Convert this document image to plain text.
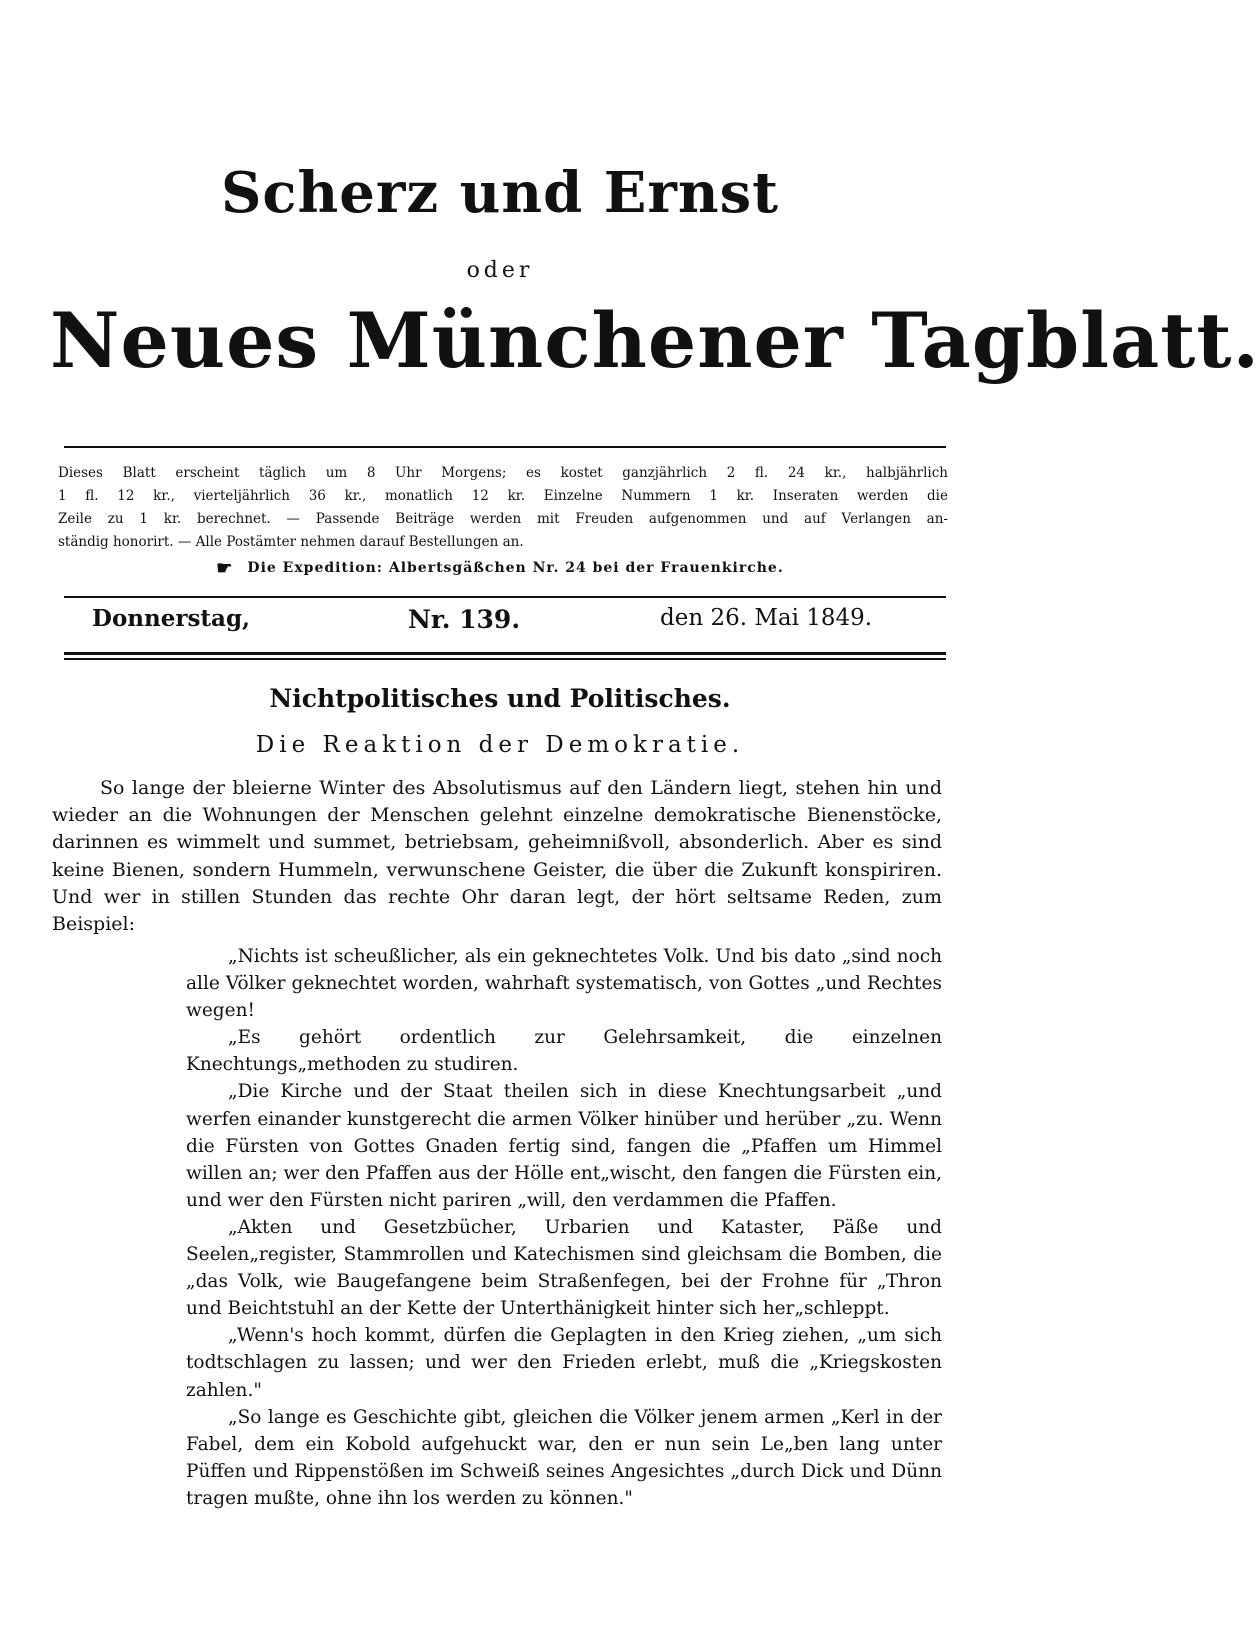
Scherz und Ernst
oder
Neues Münchener Tagblatt.

Dieses Blatt erscheint täglich um 8 Uhr Morgens; es kostet ganzjährlich 2 fl. 24 kr., halbjährlich

1 fl. 12 kr., vierteljährlich 36 kr., monatlich 12 kr. Einzelne Nummern 1 kr. Inseraten werden die

Zeile zu 1 kr. berechnet. — Passende Beiträge werden mit Freuden aufgenommen und auf Verlangen an-

ständig honorirt. — Alle Postämter nehmen darauf Bestellungen an.

☛ Die Expedition: Albertsgäßchen Nr. 24 bei der Frauenkirche.
Donnerstag,	Nr. 139.	den 26. Mai 1849.
Nichtpolitisches und Politisches.
Die Reaktion der Demokratie.

So lange der bleierne Winter des Absolutismus auf den Ländern liegt, stehen hin und wieder an die Wohnungen der Menschen gelehnt einzelne demokratische Bienenstöcke, darinnen es wimmelt und summet, betriebsam, geheimnißvoll, absonderlich. Aber es sind keine Bienen, sondern Hummeln, verwunschene Geister, die über die Zukunft konspiriren. Und wer in stillen Stunden das rechte Ohr daran legt, der hört seltsame Reden, zum Beispiel:

„Nichts ist scheußlicher, als ein geknechtetes Volk. Und bis dato „sind noch alle Völker geknechtet worden, wahrhaft systematisch, von Gottes „und Rechtes wegen!

„Es gehört ordentlich zur Gelehrsamkeit, die einzelnen Knechtungs„methoden zu studiren.

„Die Kirche und der Staat theilen sich in diese Knechtungsarbeit „und werfen einander kunstgerecht die armen Völker hinüber und herüber „zu. Wenn die Fürsten von Gottes Gnaden fertig sind, fangen die „Pfaffen um Himmel willen an; wer den Pfaffen aus der Hölle ent„wischt, den fangen die Fürsten ein, und wer den Fürsten nicht pariren „will, den verdammen die Pfaffen.

„Akten und Gesetzbücher, Urbarien und Kataster, Päße und Seelen„register, Stammrollen und Katechismen sind gleichsam die Bomben, die „das Volk, wie Baugefangene beim Straßenfegen, bei der Frohne für „Thron und Beichtstuhl an der Kette der Unterthänigkeit hinter sich her„schleppt.

„Wenn's hoch kommt, dürfen die Geplagten in den Krieg ziehen, „um sich todtschlagen zu lassen; und wer den Frieden erlebt, muß die „Kriegskosten zahlen."

„So lange es Geschichte gibt, gleichen die Völker jenem armen „Kerl in der Fabel, dem ein Kobold aufgehuckt war, den er nun sein Le„ben lang unter Püffen und Rippenstößen im Schweiß seines Angesichtes „durch Dick und Dünn tragen mußte, ohne ihn los werden zu können."
